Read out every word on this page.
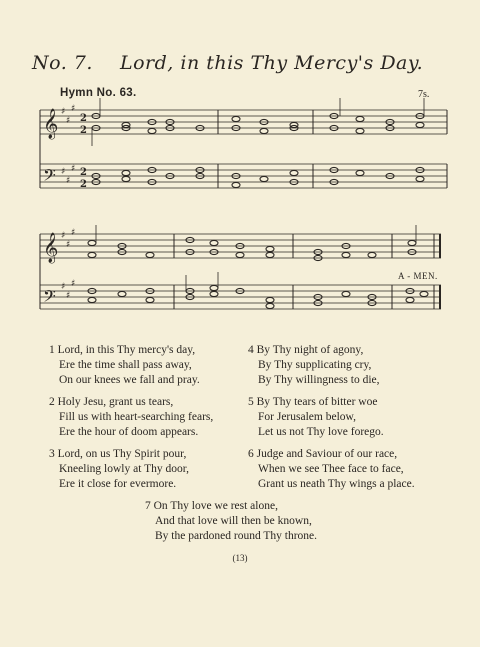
No. 7. Lord, in this Thy Mercy's Day.
Hymn No. 63.	7s.
𝄞
𝄢
𝄞
𝄢
♯
♯
♯
♯
♯
♯
♯
♯
♯
♯
♯
♯
2
2
2
2
A - MEN.
1 Lord, in this Thy mercy's day,
Ere the time shall pass away,
On our knees we fall and pray.
2 Holy Jesu, grant us tears,
Fill us with heart-searching fears,
Ere the hour of doom appears.
3 Lord, on us Thy Spirit pour,
Kneeling lowly at Thy door,
Ere it close for evermore.
4 By Thy night of agony,
By Thy supplicating cry,
By Thy willingness to die,
5 By Thy tears of bitter woe
For Jerusalem below,
Let us not Thy love forego.
6 Judge and Saviour of our race,
When we see Thee face to face,
Grant us neath Thy wings a place.
7 On Thy love we rest alone,
And that love will then be known,
By the pardoned round Thy throne.
(13)
